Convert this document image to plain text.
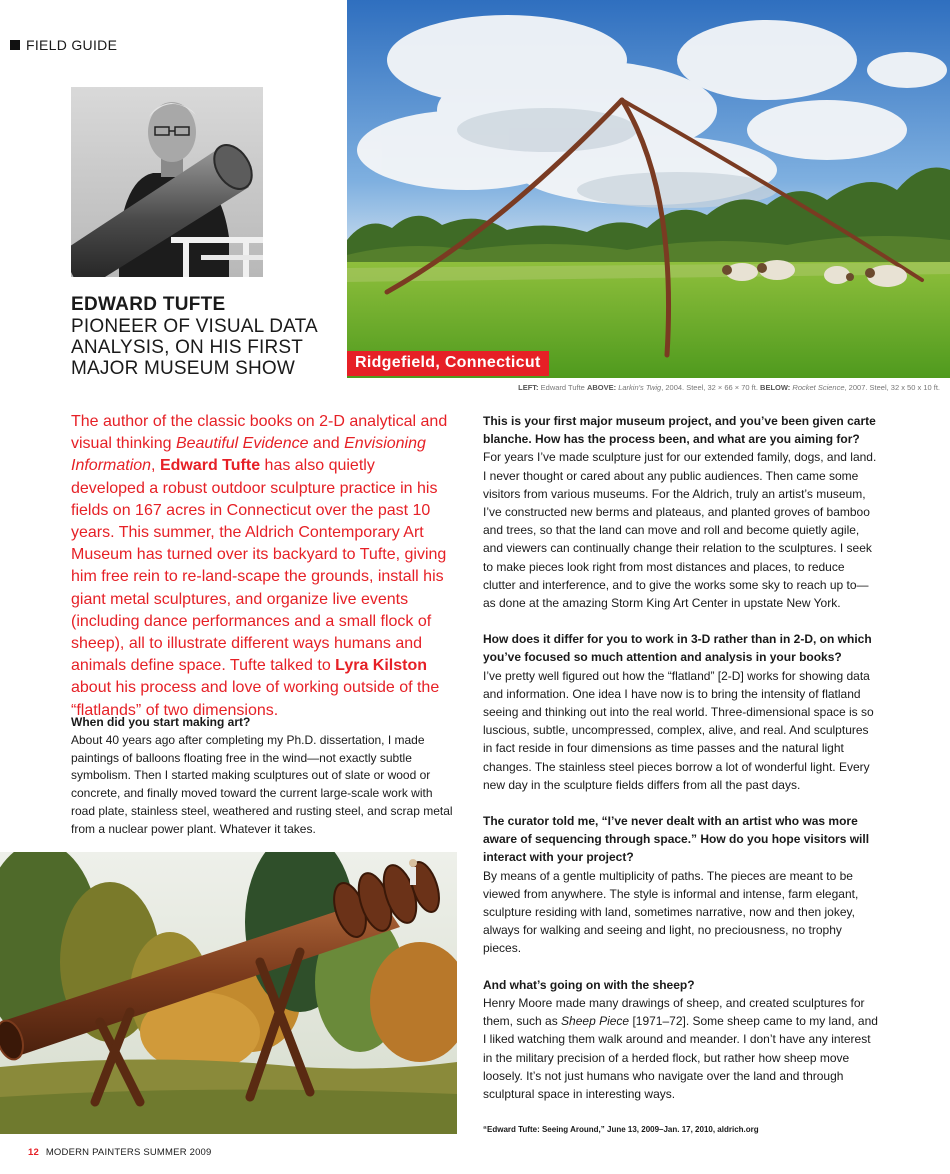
FIELD GUIDE
Ridgefield, Connecticut
EDWARD TUFTE
PIONEER OF VISUAL DATA ANALYSIS, ON HIS FIRST MAJOR MUSEUM SHOW
LEFT: Edward Tufte ABOVE: Larkin's Twig, 2004. Steel, 32 × 66 × 70 ft. BELOW: Rocket Science, 2007. Steel, 32 x 50 x 10 ft.

The author of the classic books on 2-D analytical and visual thinking Beautiful Evidence and Envisioning Information, Edward Tufte has also quietly developed a robust outdoor sculpture practice in his fields on 167 acres in Connecticut over the past 10 years. This summer, the Aldrich Contemporary Art Museum has turned over its backyard to Tufte, giving him free rein to re-land-scape the grounds, install his giant metal sculptures, and organize live events (including dance performances and a small flock of sheep), all to illustrate different ways humans and animals define space. Tufte talked to Lyra Kilston about his process and love of working outside of the “flatlands” of two dimensions.

When did you start making art?
About 40 years ago after completing my Ph.D. dissertation, I made paintings of balloons floating free in the wind—not exactly subtle symbolism. Then I started making sculptures out of slate or wood or concrete, and finally moved toward the current large-scale work with road plate, stainless steel, weathered and rusting steel, and scrap metal from a nuclear power plant. Whatever it takes.
This is your first major museum project, and you’ve been given carte blanche. How has the process been, and what are you aiming for?
For years I’ve made sculpture just for our extended family, dogs, and land. I never thought or cared about any public audiences. Then came some visitors from various museums. For the Aldrich, truly an artist’s museum, I’ve constructed new berms and plateaus, and planted groves of bamboo and trees, so that the land can move and roll and become quietly agile, and viewers can continually change their relation to the sculptures. I seek to make pieces look right from most distances and places, to reduce clutter and interference, and to give the works some sky to reach up to—as done at the amazing Storm King Art Center in upstate New York.
How does it differ for you to work in 3-D rather than in 2-D, on which you’ve focused so much attention and analysis in your books?
I’ve pretty well figured out how the “flatland” [2-D] works for showing data and information. One idea I have now is to bring the intensity of flatland seeing and thinking out into the real world. Three-dimensional space is so luscious, subtle, uncompressed, complex, alive, and real. And sculptures in fact reside in four dimensions as time passes and the natural light changes. The stainless steel pieces borrow a lot of wonderful light. Every new day in the sculpture fields differs from all the past days.
The curator told me, “I’ve never dealt with an artist who was more aware of sequencing through space.” How do you hope visitors will interact with your project?
By means of a gentle multiplicity of paths. The pieces are meant to be viewed from anywhere. The style is informal and intense, farm elegant, sculpture residing with land, sometimes narrative, now and then jokey, always for walking and seeing and light, no preciousness, no trophy pieces.
And what’s going on with the sheep?
Henry Moore made many drawings of sheep, and created sculptures for them, such as Sheep Piece [1971–72]. Some sheep came to my land, and I liked watching them walk around and meander. I don’t have any interest in the military precision of a herded flock, but rather how sheep move loosely. It’s not just humans who navigate over the land and through sculptural space in interesting ways.
“Edward Tufte: Seeing Around,” June 13, 2009–Jan. 17, 2010, aldrich.org
12 MODERN PAINTERS SUMMER 2009
